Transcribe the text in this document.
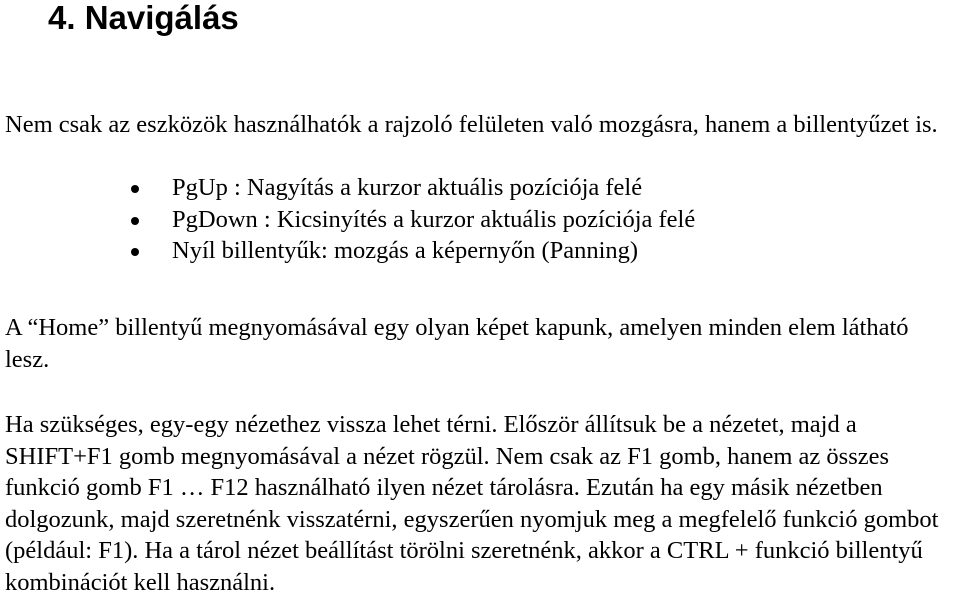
4. Navigálás

Nem csak az eszközök használhatók a rajzoló felületen való mozgásra, hanem a billentyűzet is.

PgUp : Nagyítás a kurzor aktuális pozíciója felé
PgDown : Kicsinyítés a kurzor aktuális pozíciója felé
Nyíl billentyűk: mozgás a képernyőn (Panning)

A “Home” billentyű megnyomásával egy olyan képet kapunk, amelyen minden elem látható lesz.

Ha szükséges, egy-egy nézethez vissza lehet térni. Először állítsuk be a nézetet, majd a SHIFT+F1 gomb megnyomásával a nézet rögzül. Nem csak az F1 gomb, hanem az összes funkció gomb F1 … F12 használható ilyen nézet tárolásra. Ezután ha egy másik nézetben dolgozunk, majd szeretnénk visszatérni, egyszerűen nyomjuk meg a megfelelő funkció gombot (például: F1). Ha a tárol nézet beállítást törölni szeretnénk, akkor a CTRL + funkció billentyű kombinációt kell használni.
